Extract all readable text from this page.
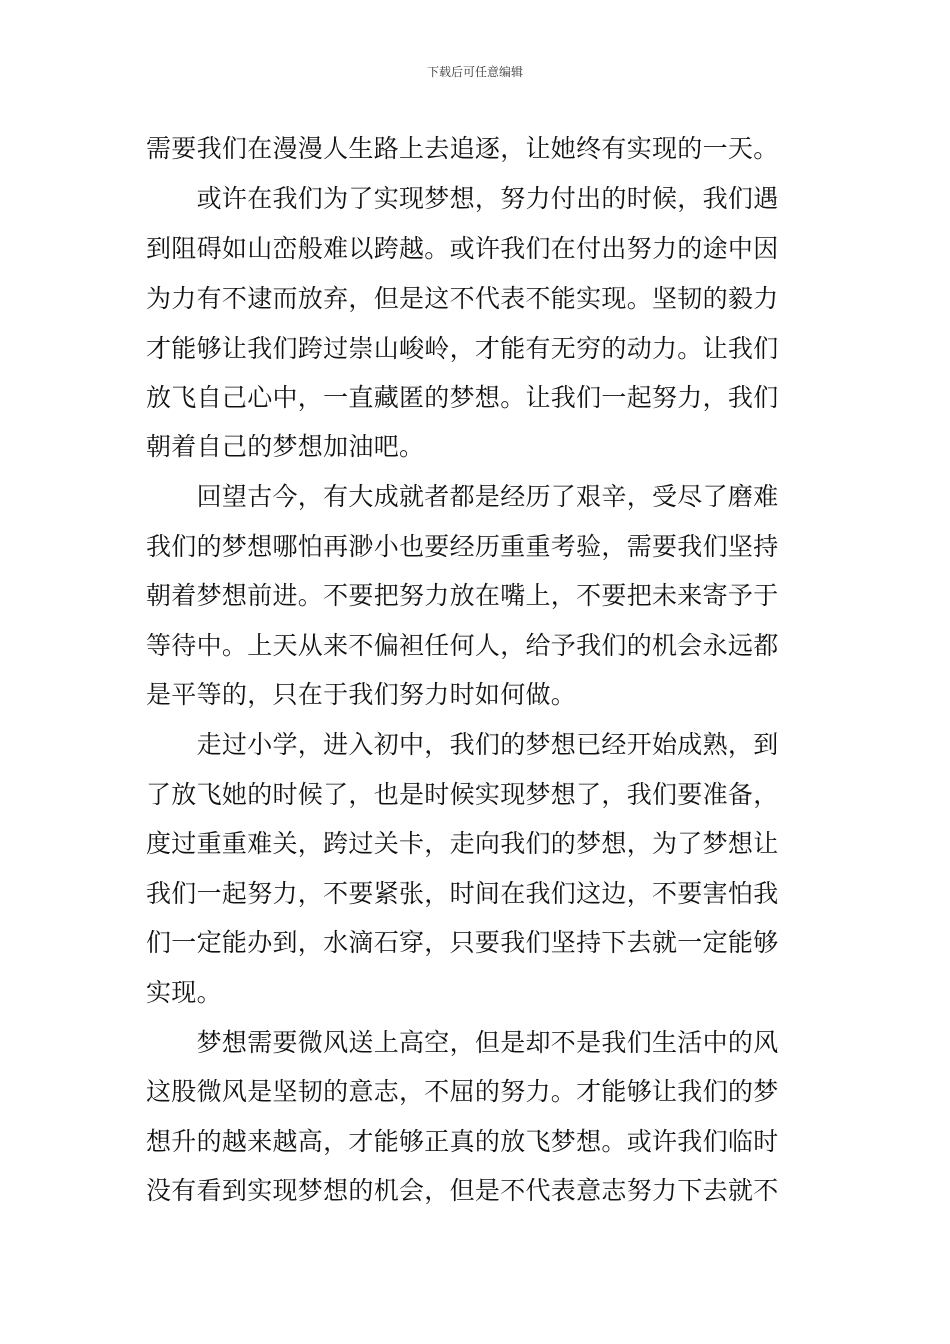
下载后可任意编辑
需要我们在漫漫人生路上去追逐，让她终有实现的一天。
　　或许在我们为了实现梦想，努力付出的时候，我们遇
到阻碍如山峦般难以跨越。或许我们在付出努力的途中因
为力有不逮而放弃，但是这不代表不能实现。坚韧的毅力
才能够让我们跨过崇山峻岭，才能有无穷的动力。让我们
放飞自己心中，一直藏匿的梦想。让我们一起努力，我们
朝着自己的梦想加油吧。
　　回望古今，有大成就者都是经历了艰辛，受尽了磨难
我们的梦想哪怕再渺小也要经历重重考验，需要我们坚持
朝着梦想前进。不要把努力放在嘴上，不要把未来寄予于
等待中。上天从来不偏袒任何人，给予我们的机会永远都
是平等的，只在于我们努力时如何做。
　　走过小学，进入初中，我们的梦想已经开始成熟，到
了放飞她的时候了，也是时候实现梦想了，我们要准备，
度过重重难关，跨过关卡，走向我们的梦想，为了梦想让
我们一起努力，不要紧张，时间在我们这边，不要害怕我
们一定能办到，水滴石穿，只要我们坚持下去就一定能够
实现。
　　梦想需要微风送上高空，但是却不是我们生活中的风
这股微风是坚韧的意志，不屈的努力。才能够让我们的梦
想升的越来越高，才能够正真的放飞梦想。或许我们临时
没有看到实现梦想的机会，但是不代表意志努力下去就不
